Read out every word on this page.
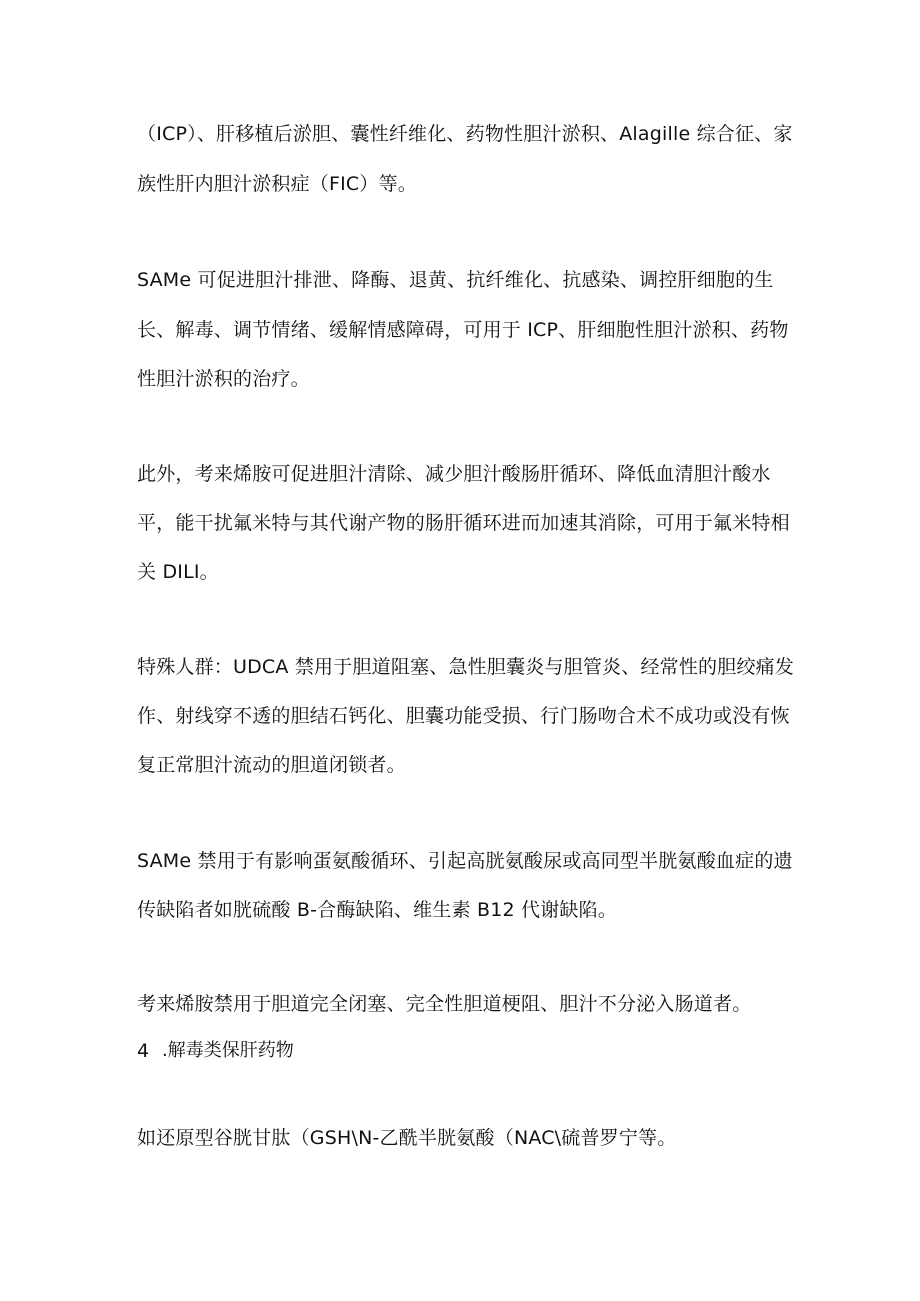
（ICP）、肝移植后淤胆、囊性纤维化、药物性胆汁淤积、Alagille 综合征、家
族性肝内胆汁淤积症（FIC）等。
SAMe 可促进胆汁排泄、降酶、退黄、抗纤维化、抗感染、调控肝细胞的生
长、解毒、调节情绪、缓解情感障碍，可用于 ICP、肝细胞性胆汁淤积、药物
性胆汁淤积的治疗。
此外，考来烯胺可促进胆汁清除、减少胆汁酸肠肝循环、降低血清胆汁酸水
平，能干扰氟米特与其代谢产物的肠肝循环进而加速其消除，可用于氟米特相
关 DILI。
特殊人群：UDCA 禁用于胆道阻塞、急性胆囊炎与胆管炎、经常性的胆绞痛发
作、射线穿不透的胆结石钙化、胆囊功能受损、行门肠吻合术不成功或没有恢
复正常胆汁流动的胆道闭锁者。
SAMe 禁用于有影响蛋氨酸循环、引起高胱氨酸尿或高同型半胱氨酸血症的遗
传缺陷者如胱硫酸 B-合酶缺陷、维生素 B12 代谢缺陷。
考来烯胺禁用于胆道完全闭塞、完全性胆道梗阻、胆汁不分泌入肠道者。
4 .解毒类保肝药物
如还原型谷胱甘肽（GSH\N-乙酰半胱氨酸（NAC\硫普罗宁等。
